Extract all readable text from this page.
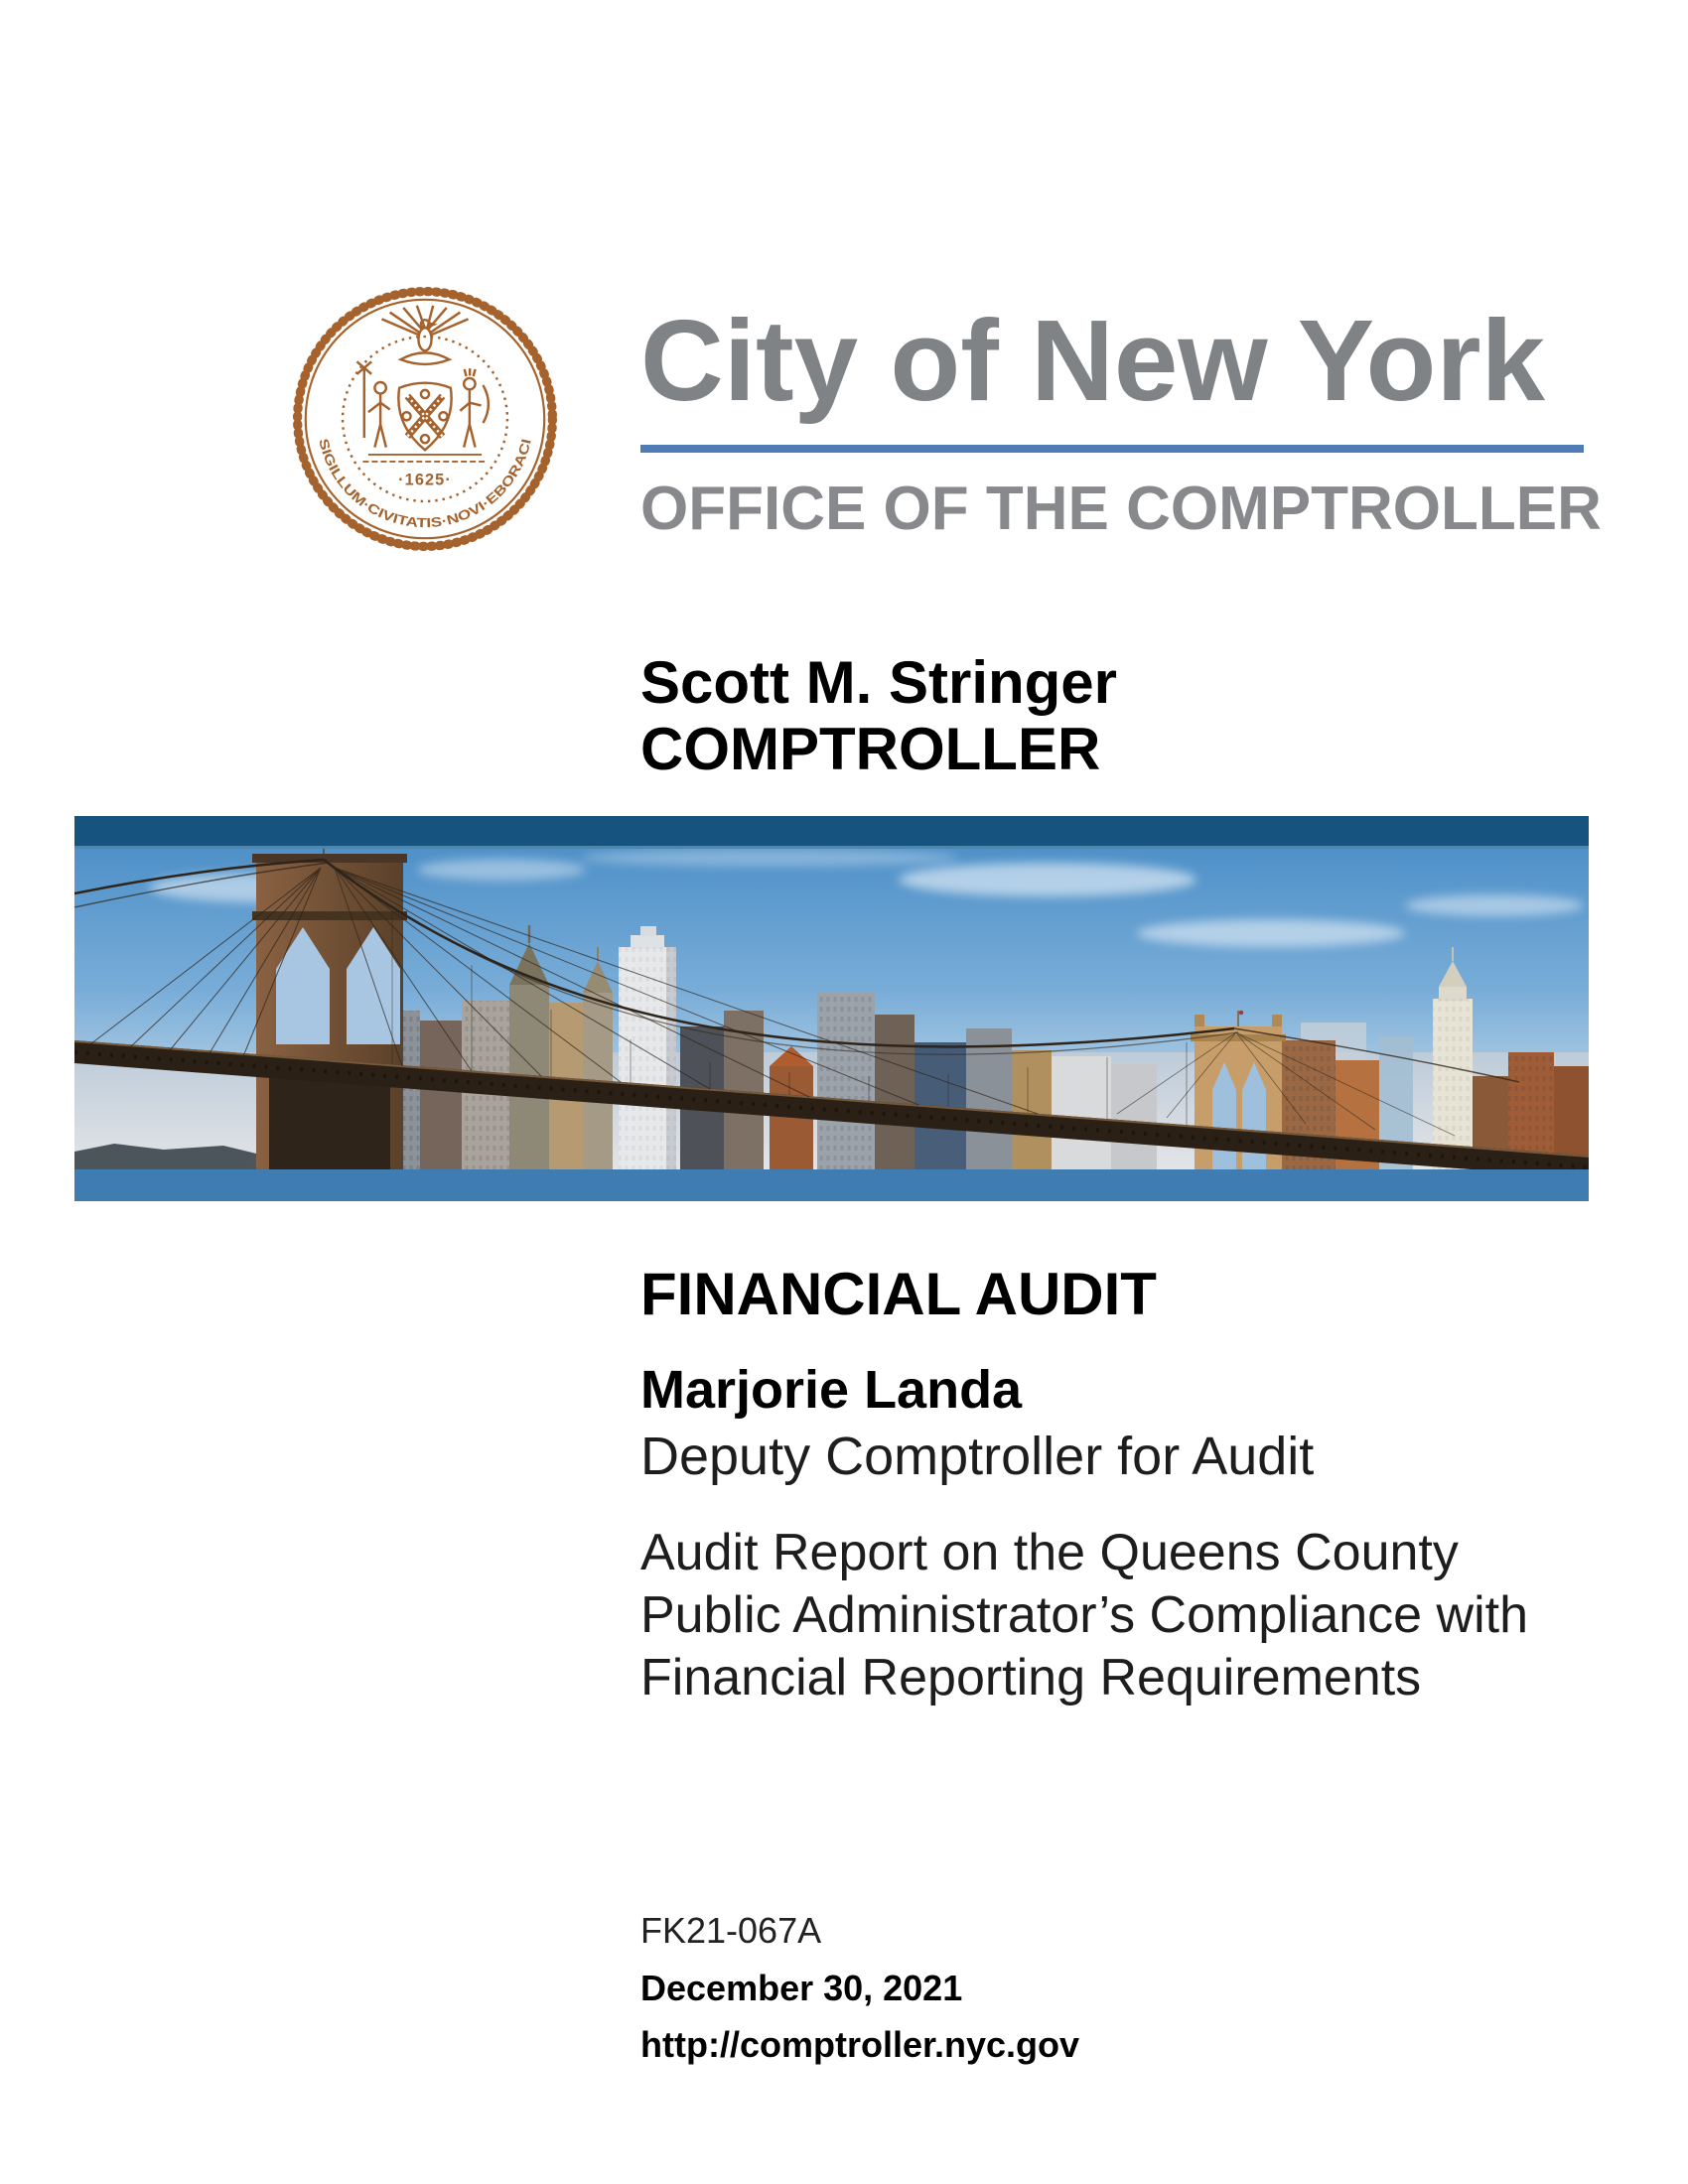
SIGILLUM·CIVITATIS·NOVI·EBORACI
·1625·
City of New York
OFFICE OF THE COMPTROLLER
Scott M. Stringer
COMPTROLLER
FINANCIAL AUDIT
Marjorie Landa
Deputy Comptroller for Audit
Audit Report on the Queens County
Public Administrator’s Compliance with
Financial Reporting Requirements
FK21-067A
December 30, 2021
http://comptroller.nyc.gov
